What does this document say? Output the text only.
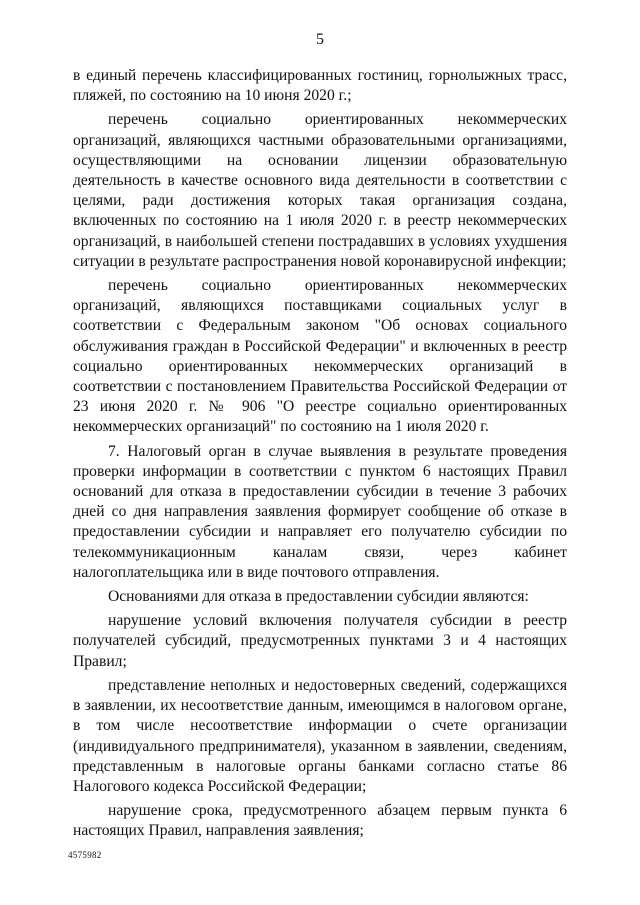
5

в единый перечень классифицированных гостиниц, горнолыжных трасс, пляжей, по состоянию на 10 июня 2020 г.;

перечень социально ориентированных некоммерческих организаций, являющихся частными образовательными организациями, осуществляющими на основании лицензии образовательную деятельность в качестве основного вида деятельности в соответствии с целями, ради достижения которых такая организация создана, включенных по состоянию на 1 июля 2020 г. в реестр некоммерческих организаций, в наибольшей степени пострадавших в условиях ухудшения ситуации в результате распространения новой коронавирусной инфекции;

перечень социально ориентированных некоммерческих организаций, являющихся поставщиками социальных услуг в соответствии с Федеральным законом "Об основах социального обслуживания граждан в Российской Федерации" и включенных в реестр социально ориентированных некоммерческих организаций в соответствии с постановлением Правительства Российской Федерации от 23 июня 2020 г. № 906 "О реестре социально ориентированных некоммерческих организаций" по состоянию на 1 июля 2020 г.

7. Налоговый орган в случае выявления в результате проведения проверки информации в соответствии с пунктом 6 настоящих Правил оснований для отказа в предоставлении субсидии в течение 3 рабочих дней со дня направления заявления формирует сообщение об отказе в предоставлении субсидии и направляет его получателю субсидии по телекоммуникационным каналам связи, через кабинет налогоплательщика или в виде почтового отправления.

Основаниями для отказа в предоставлении субсидии являются:

нарушение условий включения получателя субсидии в реестр получателей субсидий, предусмотренных пунктами 3 и 4 настоящих Правил;

представление неполных и недостоверных сведений, содержащихся в заявлении, их несоответствие данным, имеющимся в налоговом органе, в том числе несоответствие информации о счете организации (индивидуального предпринимателя), указанном в заявлении, сведениям, представленным в налоговые органы банками согласно статье 86 Налогового кодекса Российской Федерации;

нарушение срока, предусмотренного абзацем первым пункта 6 настоящих Правил, направления заявления;

4575982
